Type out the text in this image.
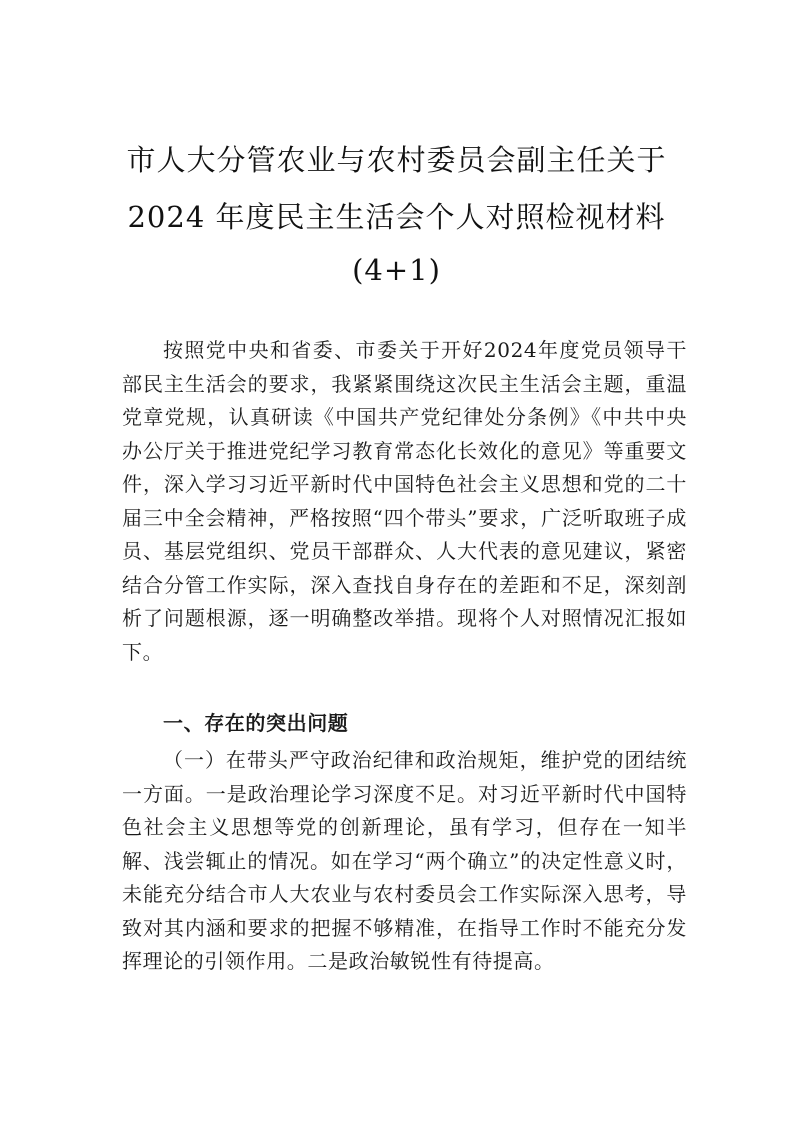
市人大分管农业与农村委员会副主任关于
2024 年度民主生活会个人对照检视材料
(4+1)
按照党中央和省委、市委关于开好2024年度党员领导干部民主生活会的要求，我紧紧围绕这次民主生活会主题，重温党章党规，认真研读《中国共产党纪律处分条例》《中共中央办公厅关于推进党纪学习教育常态化长效化的意见》等重要文件，深入学习习近平新时代中国特色社会主义思想和党的二十届三中全会精神，严格按照“四个带头”要求，广泛听取班子成员、基层党组织、党员干部群众、人大代表的意见建议，紧密结合分管工作实际，深入查找自身存在的差距和不足，深刻剖析了问题根源，逐一明确整改举措。现将个人对照情况汇报如下。
一、存在的突出问题
（一）在带头严守政治纪律和政治规矩，维护党的团结统一方面。一是政治理论学习深度不足。对习近平新时代中国特色社会主义思想等党的创新理论，虽有学习，但存在一知半解、浅尝辄止的情况。如在学习“两个确立”的决定性意义时，未能充分结合市人大农业与农村委员会工作实际深入思考，导致对其内涵和要求的把握不够精准，在指导工作时不能充分发挥理论的引领作用。二是政治敏锐性有待提高。
